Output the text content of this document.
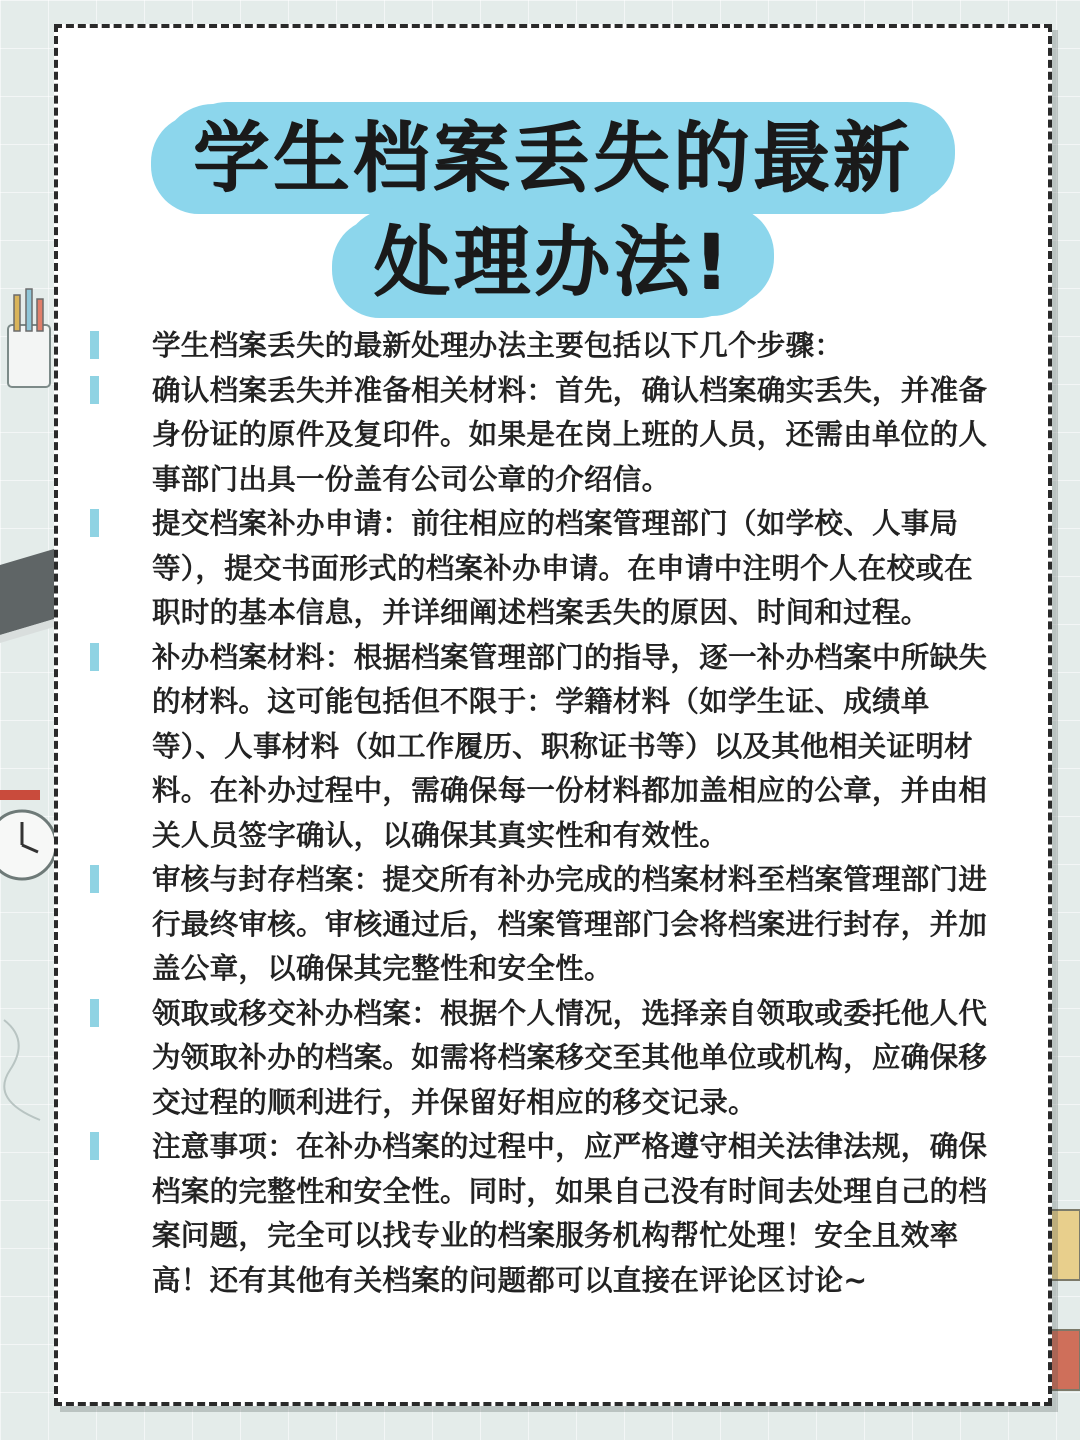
学生档案丢失的最新
处理办法!

学生档案丢失的最新处理办法主要包括以下几个步骤：

确认档案丢失并准备相关材料：首先，确认档案确实丢失，并准备身份证的原件及复印件。如果是在岗上班的人员，还需由单位的人事部门出具一份盖有公司公章的介绍信。

提交档案补办申请：前往相应的档案管理部门（如学校、人事局等），提交书面形式的档案补办申请。在申请中注明个人在校或在职时的基本信息，并详细阐述档案丢失的原因、时间和过程。

补办档案材料：根据档案管理部门的指导，逐一补办档案中所缺失的材料。这可能包括但不限于：学籍材料（如学生证、成绩单等）、人事材料（如工作履历、职称证书等）以及其他相关证明材料。在补办过程中，需确保每一份材料都加盖相应的公章，并由相关人员签字确认，以确保其真实性和有效性。

审核与封存档案：提交所有补办完成的档案材料至档案管理部门进行最终审核。审核通过后，档案管理部门会将档案进行封存，并加盖公章，以确保其完整性和安全性。

领取或移交补办档案：根据个人情况，选择亲自领取或委托他人代为领取补办的档案。如需将档案移交至其他单位或机构，应确保移交过程的顺利进行，并保留好相应的移交记录。

注意事项：在补办档案的过程中，应严格遵守相关法律法规，确保档案的完整性和安全性。同时，如果自己没有时间去处理自己的档案问题，完全可以找专业的档案服务机构帮忙处理！安全且效率高！还有其他有关档案的问题都可以直接在评论区讨论~
